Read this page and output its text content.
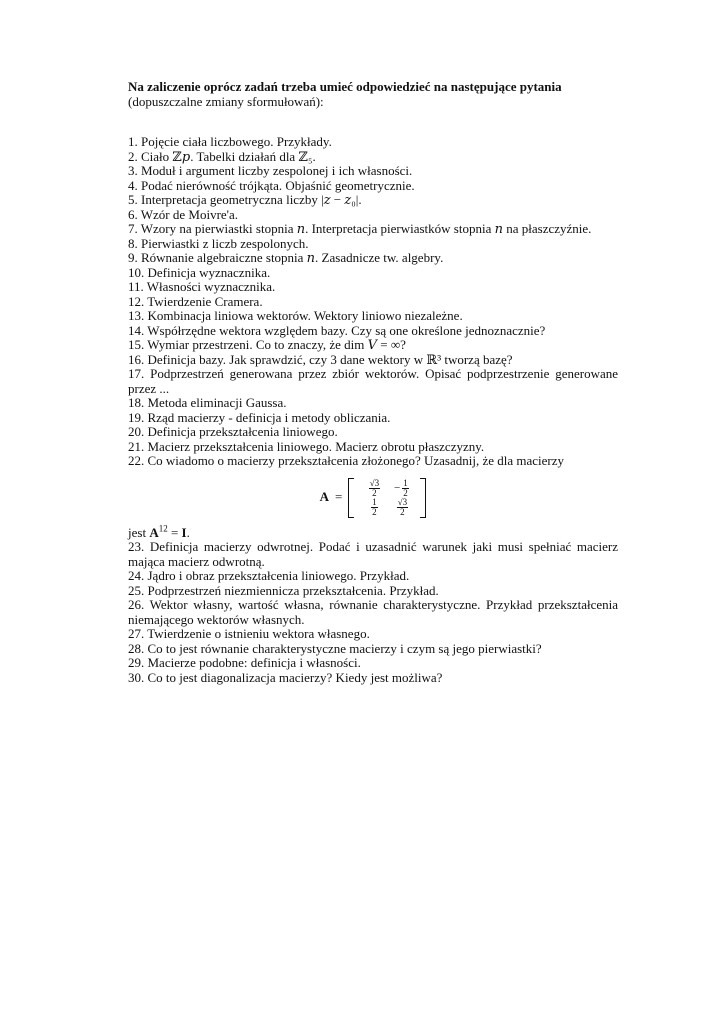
Na zaliczenie oprócz zadań trzeba umieć odpowiedzieć na następujące pytania
(dopuszczalne zmiany sformułowań):
1. Pojęcie ciała liczbowego. Przykłady.
2. Ciało ℤ𝑝. Tabelki działań dla ℤ₅.
3. Moduł i argument liczby zespolonej i ich własności.
4. Podać nierówność trójkąta. Objaśnić geometrycznie.
5. Interpretacja geometryczna liczby |𝑧 − 𝑧₀|.
6. Wzór de Moivre'a.
7. Wzory na pierwiastki stopnia 𝑛. Interpretacja pierwiastków stopnia 𝑛 na płaszczyźnie.
8. Pierwiastki z liczb zespolonych.
9. Równanie algebraiczne stopnia 𝑛. Zasadnicze tw. algebry.
10. Definicja wyznacznika.
11. Własności wyznacznika.
12. Twierdzenie Cramera.
13. Kombinacja liniowa wektorów. Wektory liniowo niezależne.
14. Współrzędne wektora względem bazy. Czy są one określone jednoznacznie?
15. Wymiar przestrzeni. Co to znaczy, że dim 𝑉 = ∞?
16. Definicja bazy. Jak sprawdzić, czy 3 dane wektory w ℝ³ tworzą bazę?
17. Podprzestrzeń generowana przez zbiór wektorów. Opisać podprzestrzenie generowane przez ...
18. Metoda eliminacji Gaussa.
19. Rząd macierzy - definicja i metody obliczania.
20. Definicja przekształcenia liniowego.
21. Macierz przekształcenia liniowego. Macierz obrotu płaszczyzny.
22. Co wiadomo o macierzy przekształcenia złożonego? Uzasadnij, że dla macierzy
A =	$\frac{√3}{2} - \frac{1}{2}$
$\frac{1}{2} \frac{√3}{2}$
jest $A^{12} = I$.
23. Definicja macierzy odwrotnej. Podać i uzasadnić warunek jaki musi spełniać macierz mająca macierz odwrotną.
24. Jądro i obraz przekształcenia liniowego. Przykład.
25. Podprzestrzeń niezmiennicza przekształcenia. Przykład.
26. Wektor własny, wartość własna, równanie charakterystyczne. Przykład przekształcenia niemającego wektorów własnych.
27. Twierdzenie o istnieniu wektora własnego.
28. Co to jest równanie charakterystyczne macierzy i czym są jego pierwiastki?
29. Macierze podobne: definicja i własności.
30. Co to jest diagonalizacja macierzy? Kiedy jest możliwa?
